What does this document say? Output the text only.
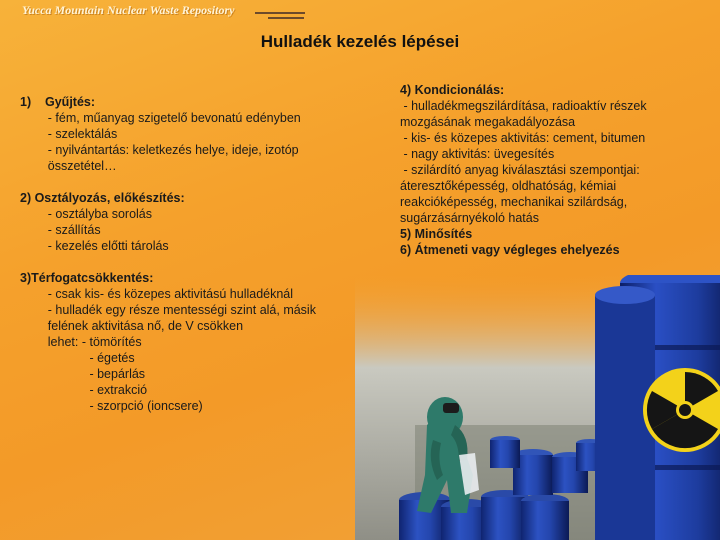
Yucca Mountain Nuclear Waste Repository
Hulladék kezelés lépései
1)    Gyűjtés:
- fém, műanyag szigetelő bevonatú edényben
- szelektálás
- nyilvántartás: keletkezés helye, ideje, izotóp
összetétel…
2) Osztályozás, előkészítés:
- osztályba sorolás
- szállítás
- kezelés előtti tárolás
3)Térfogatcsökkentés:
- csak kis- és közepes aktivitású hulladéknál
- hulladék egy része mentességi szint alá, másik
felének aktivitása nő, de V csökken
lehet: - tömörítés
- égetés
- bepárlás
- extrakció
- szorpció (ioncsere)
4) Kondicionálás:
- hulladékmegszilárdítása, radioaktív részek
mozgásának megakadályozása
- kis- és közepes aktivitás: cement, bitumen
- nagy aktivitás: üvegesítés
- szilárdító anyag kiválasztási szempontjai:
áteresztőképesség, oldhatóság, kémiai
reakcióképesség, mechanikai szilárdság,
sugárzásárnyékoló hatás
5) Minősítés
6) Átmeneti vagy végleges ehelyezés
